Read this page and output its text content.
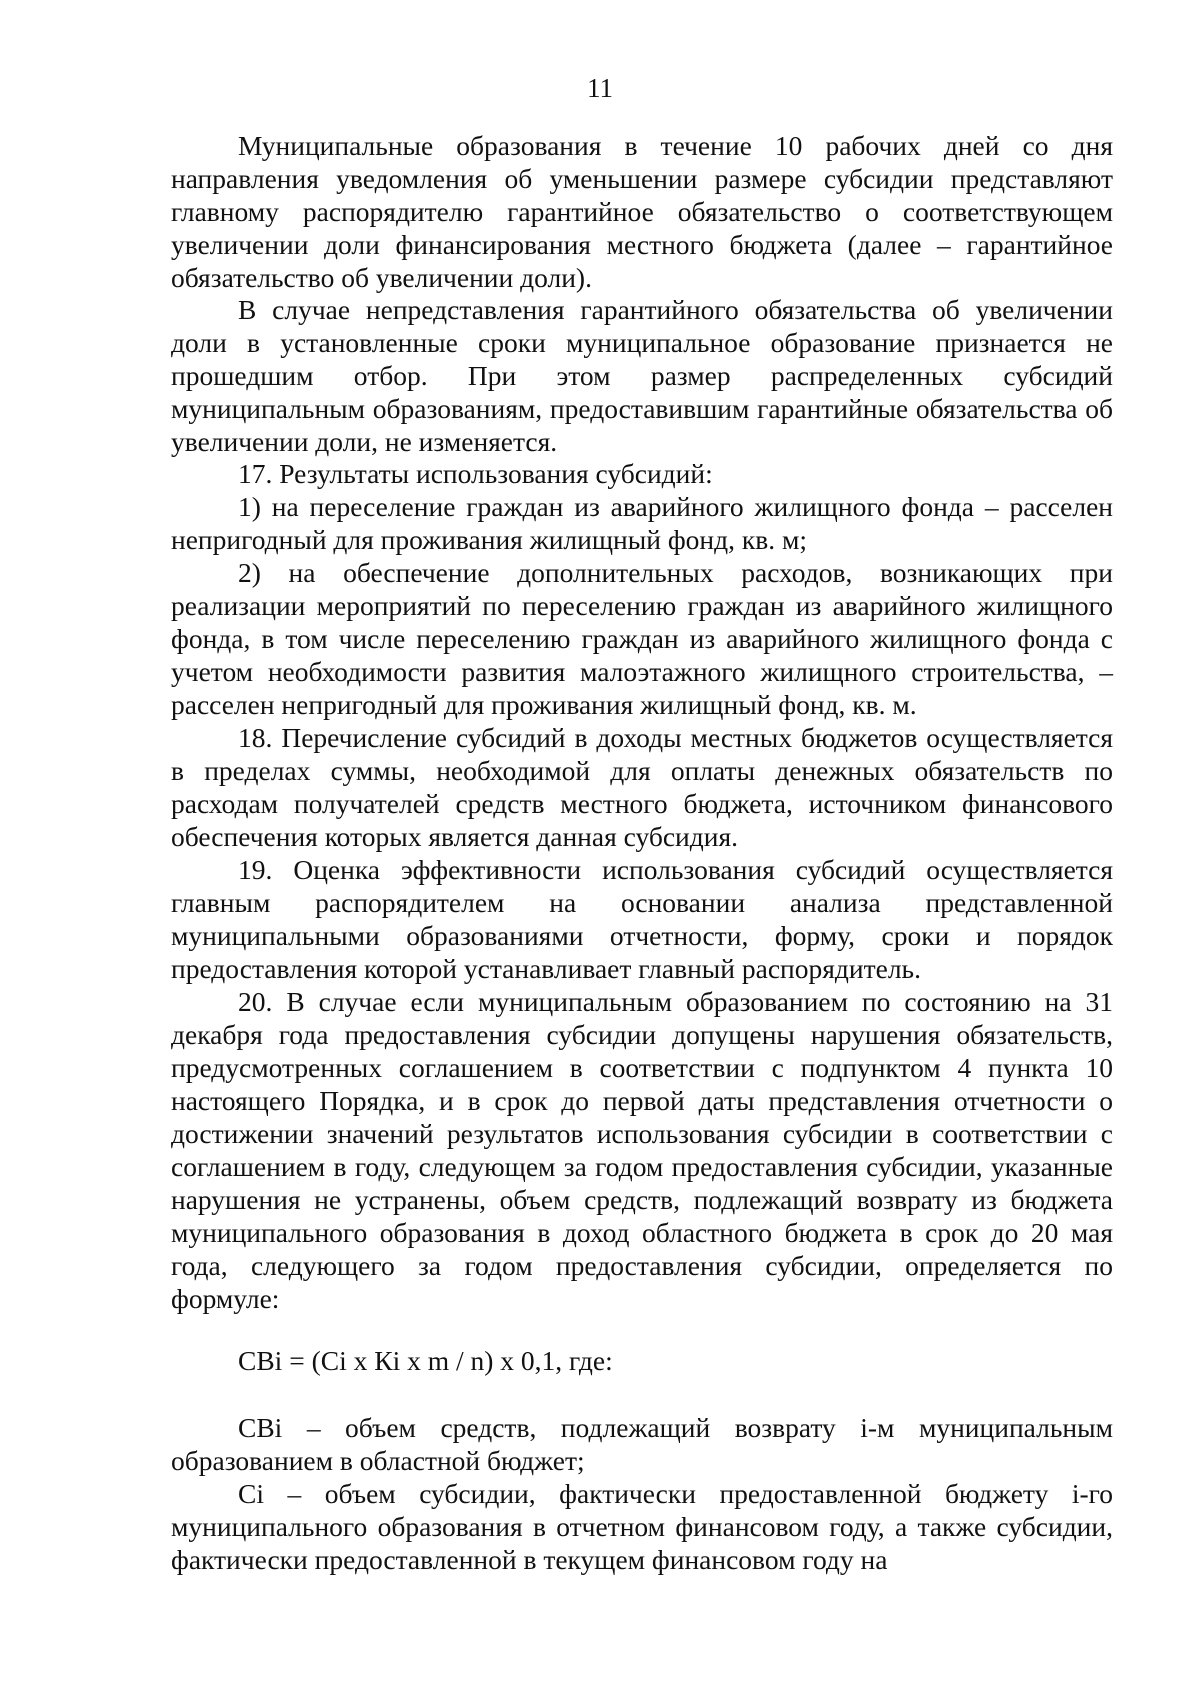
11

Муниципальные образования в течение 10 рабочих дней со дня направления уведомления об уменьшении размере субсидии представляют главному распорядителю гарантийное обязательство о соответствующем увеличении доли финансирования местного бюджета (далее – гарантийное обязательство об увеличении доли).

В случае непредставления гарантийного обязательства об увеличении доли в установленные сроки муниципальное образование признается не прошедшим отбор. При этом размер распределенных субсидий муниципальным образованиям, предоставившим гарантийные обязательства об увеличении доли, не изменяется.

17. Результаты использования субсидий:

1) на переселение граждан из аварийного жилищного фонда – расселен непригодный для проживания жилищный фонд, кв. м;

2) на обеспечение дополнительных расходов, возникающих при реализации мероприятий по переселению граждан из аварийного жилищного фонда, в том числе переселению граждан из аварийного жилищного фонда с учетом необходимости развития малоэтажного жилищного строительства, – расселен непригодный для проживания жилищный фонд, кв. м.

18. Перечисление субсидий в доходы местных бюджетов осуществляется в пределах суммы, необходимой для оплаты денежных обязательств по расходам получателей средств местного бюджета, источником финансового обеспечения которых является данная субсидия.

19. Оценка эффективности использования субсидий осуществляется главным распорядителем на основании анализа представленной муниципальными образованиями отчетности, форму, сроки и порядок предоставления которой устанавливает главный распорядитель.

20. В случае если муниципальным образованием по состоянию на 31 декабря года предоставления субсидии допущены нарушения обязательств, предусмотренных соглашением в соответствии с подпунктом 4 пункта 10 настоящего Порядка, и в срок до первой даты представления отчетности о достижении значений результатов использования субсидии в соответствии с соглашением в году, следующем за годом предоставления субсидии, указанные нарушения не устранены, объем средств, подлежащий возврату из бюджета муниципального образования в доход областного бюджета в срок до 20 мая года, следующего за годом предоставления субсидии, определяется по формуле:

СВi = (Сi х Кi х m / n) х 0,1, где:

СВi – объем средств, подлежащий возврату i-м муниципальным образованием в областной бюджет;

Сi – объем субсидии, фактически предоставленной бюджету i-го муниципального образования в отчетном финансовом году, а также субсидии, фактически предоставленной в текущем финансовом году на
